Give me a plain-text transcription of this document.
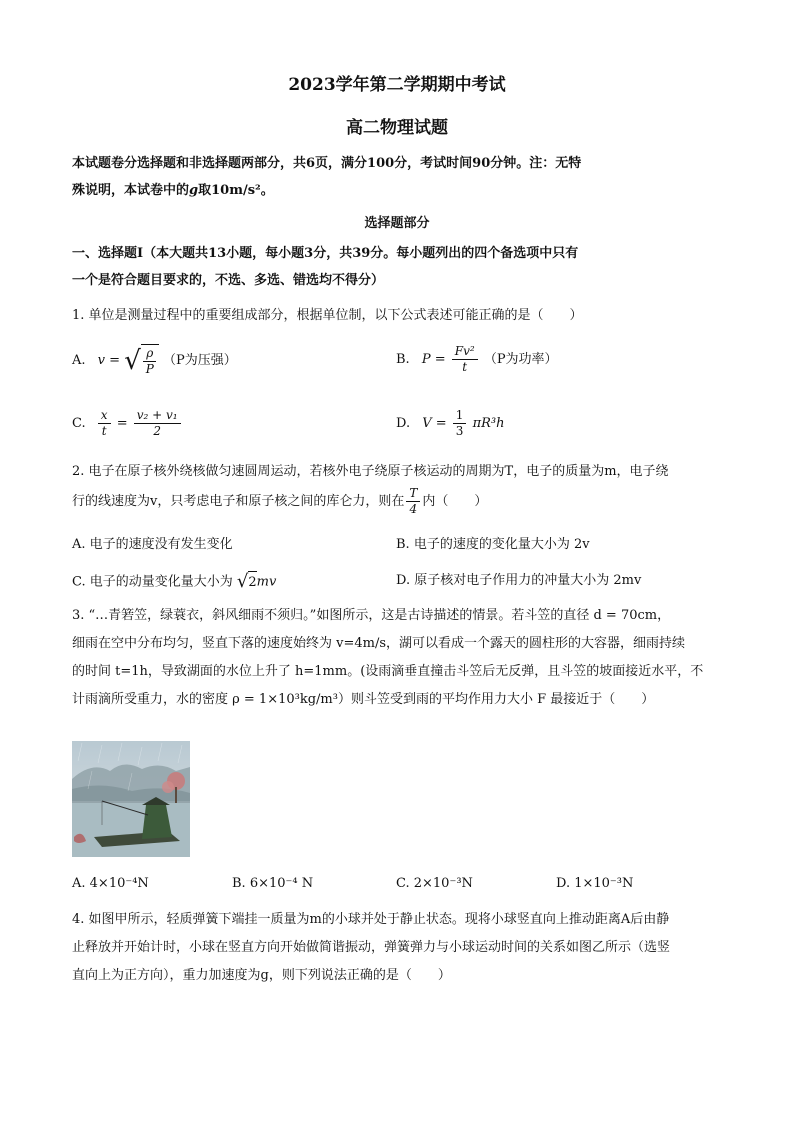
2023学年第二学期期中考试
高二物理试题
本试题卷分选择题和非选择题两部分，共6页，满分100分，考试时间90分钟。注：无特
殊说明，本试卷中的g取10m/s²。
选择题部分
一、选择题Ⅰ（本大题共13小题，每小题3分，共39分。每小题列出的四个备选项中只有
一个是符合题目要求的，不选、多选、错选均不得分）
1. 单位是测量过程中的重要组成部分，根据单位制，以下公式表述可能正确的是（　　）
A. v = √ $\frac{\rho}{P} (P$为压强）	B. $P = \frac{\text{Fv²}}{t} (P$为功率）
C. $\frac{x}{t} = \frac{\text{v₂ + v₁}}{2}$	D. $V = \frac{1}{3} \pi R^3h$
2. 电子在原子核外绕核做匀速圆周运动，若核外电子绕原子核运动的周期为T，电子的质量为m，电子绕
行的线速度为v，只考虑电子和原子核之间的库仑力，则在 $\frac{T}{4}$ 内（　　）
A. 电子的速度没有发生变化	B. 电子的速度的变化量大小为 2v
C. 电子的动量变化量大小为 √ 2 mv	D. 原子核对电子作用力的冲量大小为 2mv
3. “…青箬笠，绿蓑衣，斜风细雨不须归。”如图所示，这是古诗描述的情景。若斗笠的直径 d = 70cm，
细雨在空中分布均匀，竖直下落的速度始终为 v=4m/s，湖可以看成一个露天的圆柱形的大容器，细雨持续
的时间 t=1h，导致湖面的水位上升了 h=1mm。(设雨滴垂直撞击斗笠后无反弹，且斗笠的坡面接近水平，不
计雨滴所受重力，水的密度 ρ = 1×10³kg/m³）则斗笠受到雨的平均作用力大小 F 最接近于（　　）
A. 4×10⁻⁴N	B. 6×10⁻⁴ N	C. 2×10⁻³N	D. 1×10⁻³N
4. 如图甲所示，轻质弹簧下端挂一质量为m的小球并处于静止状态。现将小球竖直向上推动距离A后由静
止释放并开始计时，小球在竖直方向开始做简谐振动，弹簧弹力与小球运动时间的关系如图乙所示（选竖
直向上为正方向），重力加速度为g，则下列说法正确的是（　　）
